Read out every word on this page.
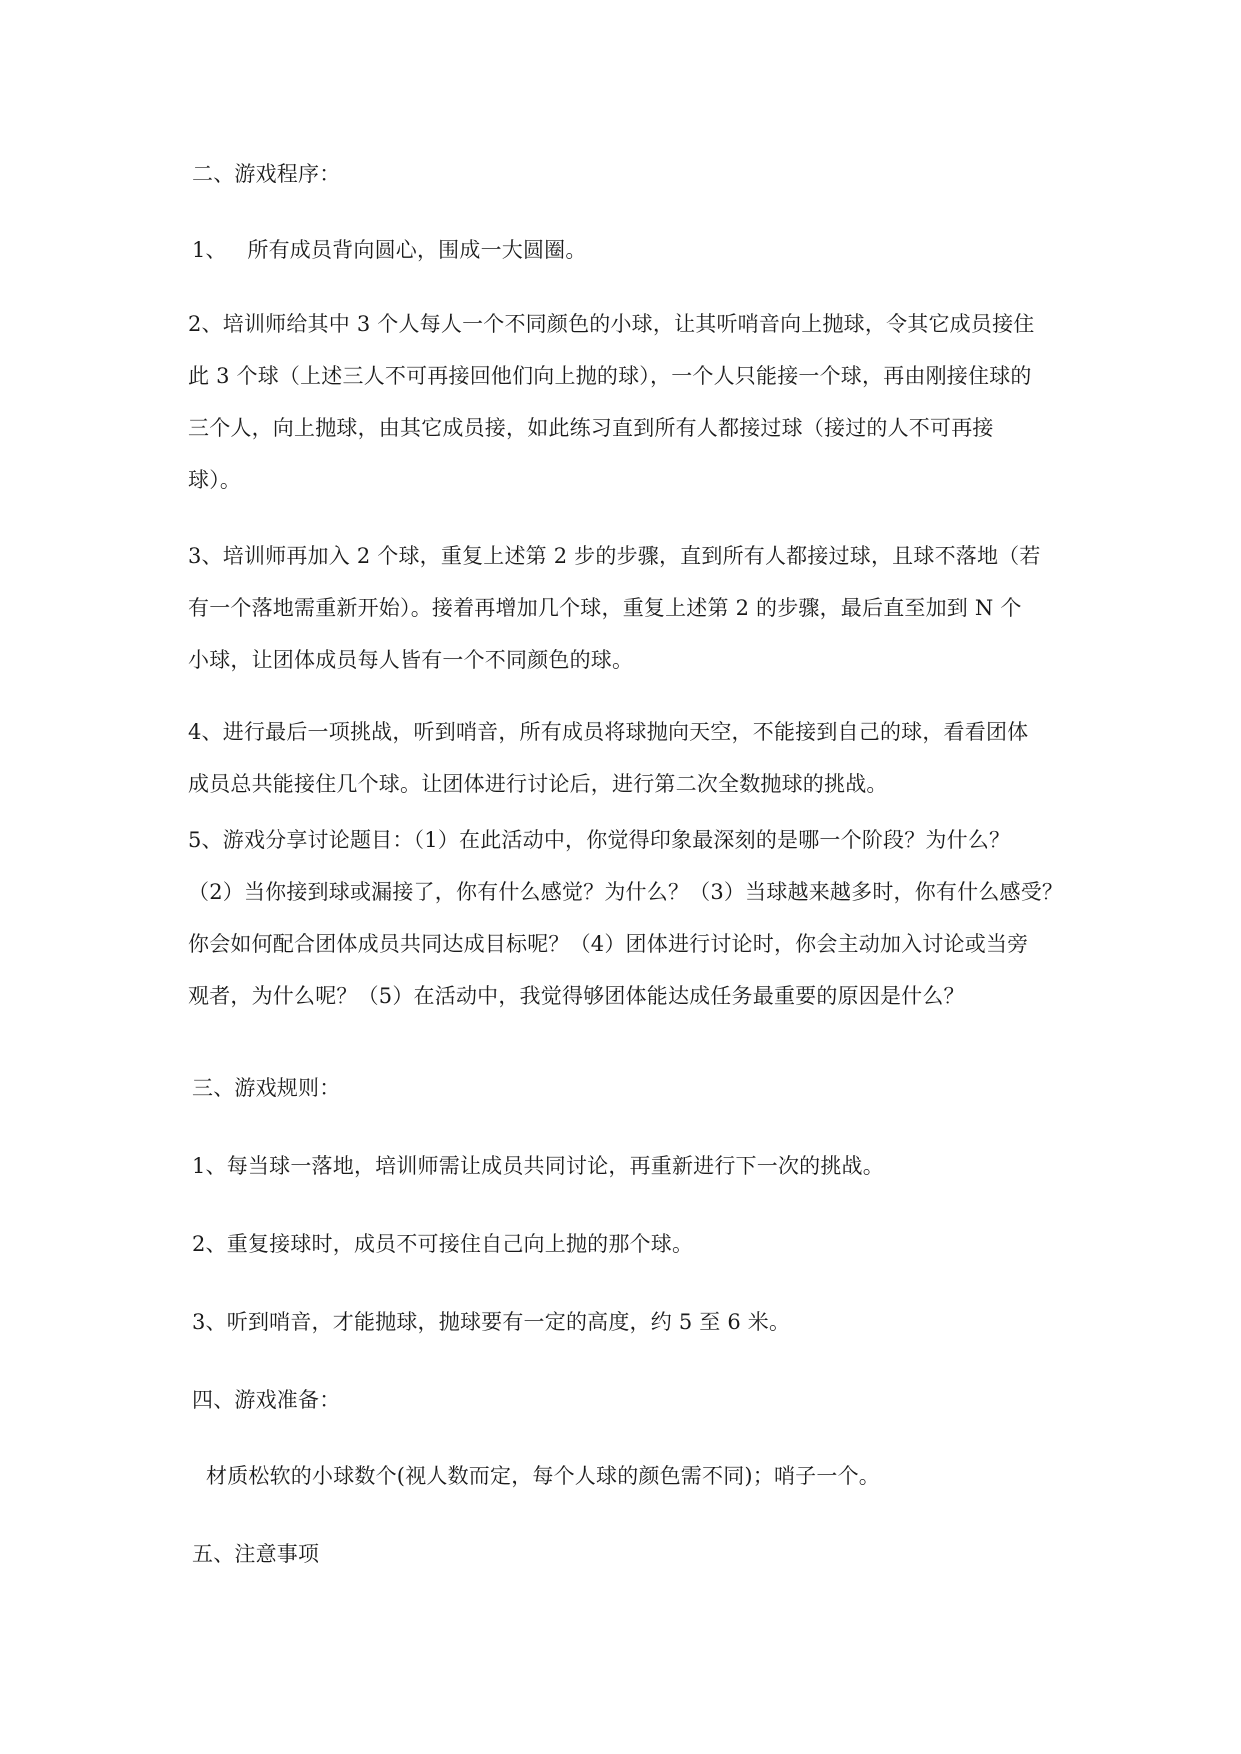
二、游戏程序：
1、   所有成员背向圆心，围成一大圆圈。
2、培训师给其中 3 个人每人一个不同颜色的小球，让其听哨音向上抛球，令其它成员接住
此 3 个球（上述三人不可再接回他们向上抛的球），一个人只能接一个球，再由刚接住球的
三个人，向上抛球，由其它成员接，如此练习直到所有人都接过球（接过的人不可再接
球）。
3、培训师再加入 2 个球，重复上述第 2 步的步骤，直到所有人都接过球，且球不落地（若
有一个落地需重新开始）。接着再增加几个球，重复上述第 2 的步骤，最后直至加到 N 个
小球，让团体成员每人皆有一个不同颜色的球。
4、进行最后一项挑战，听到哨音，所有成员将球抛向天空，不能接到自己的球，看看团体
成员总共能接住几个球。让团体进行讨论后，进行第二次全数抛球的挑战。
5、游戏分享讨论题目：（1）在此活动中，你觉得印象最深刻的是哪一个阶段？为什么？
（2）当你接到球或漏接了，你有什么感觉？为什么？（3）当球越来越多时，你有什么感受？
你会如何配合团体成员共同达成目标呢？（4）团体进行讨论时，你会主动加入讨论或当旁
观者，为什么呢？（5）在活动中，我觉得够团体能达成任务最重要的原因是什么？
三、游戏规则：
1、每当球一落地，培训师需让成员共同讨论，再重新进行下一次的挑战。
2、重复接球时，成员不可接住自己向上抛的那个球。
3、听到哨音，才能抛球，抛球要有一定的高度，约 5 至 6 米。
四、游戏准备：
材质松软的小球数个(视人数而定，每个人球的颜色需不同)；哨子一个。
五、注意事项
